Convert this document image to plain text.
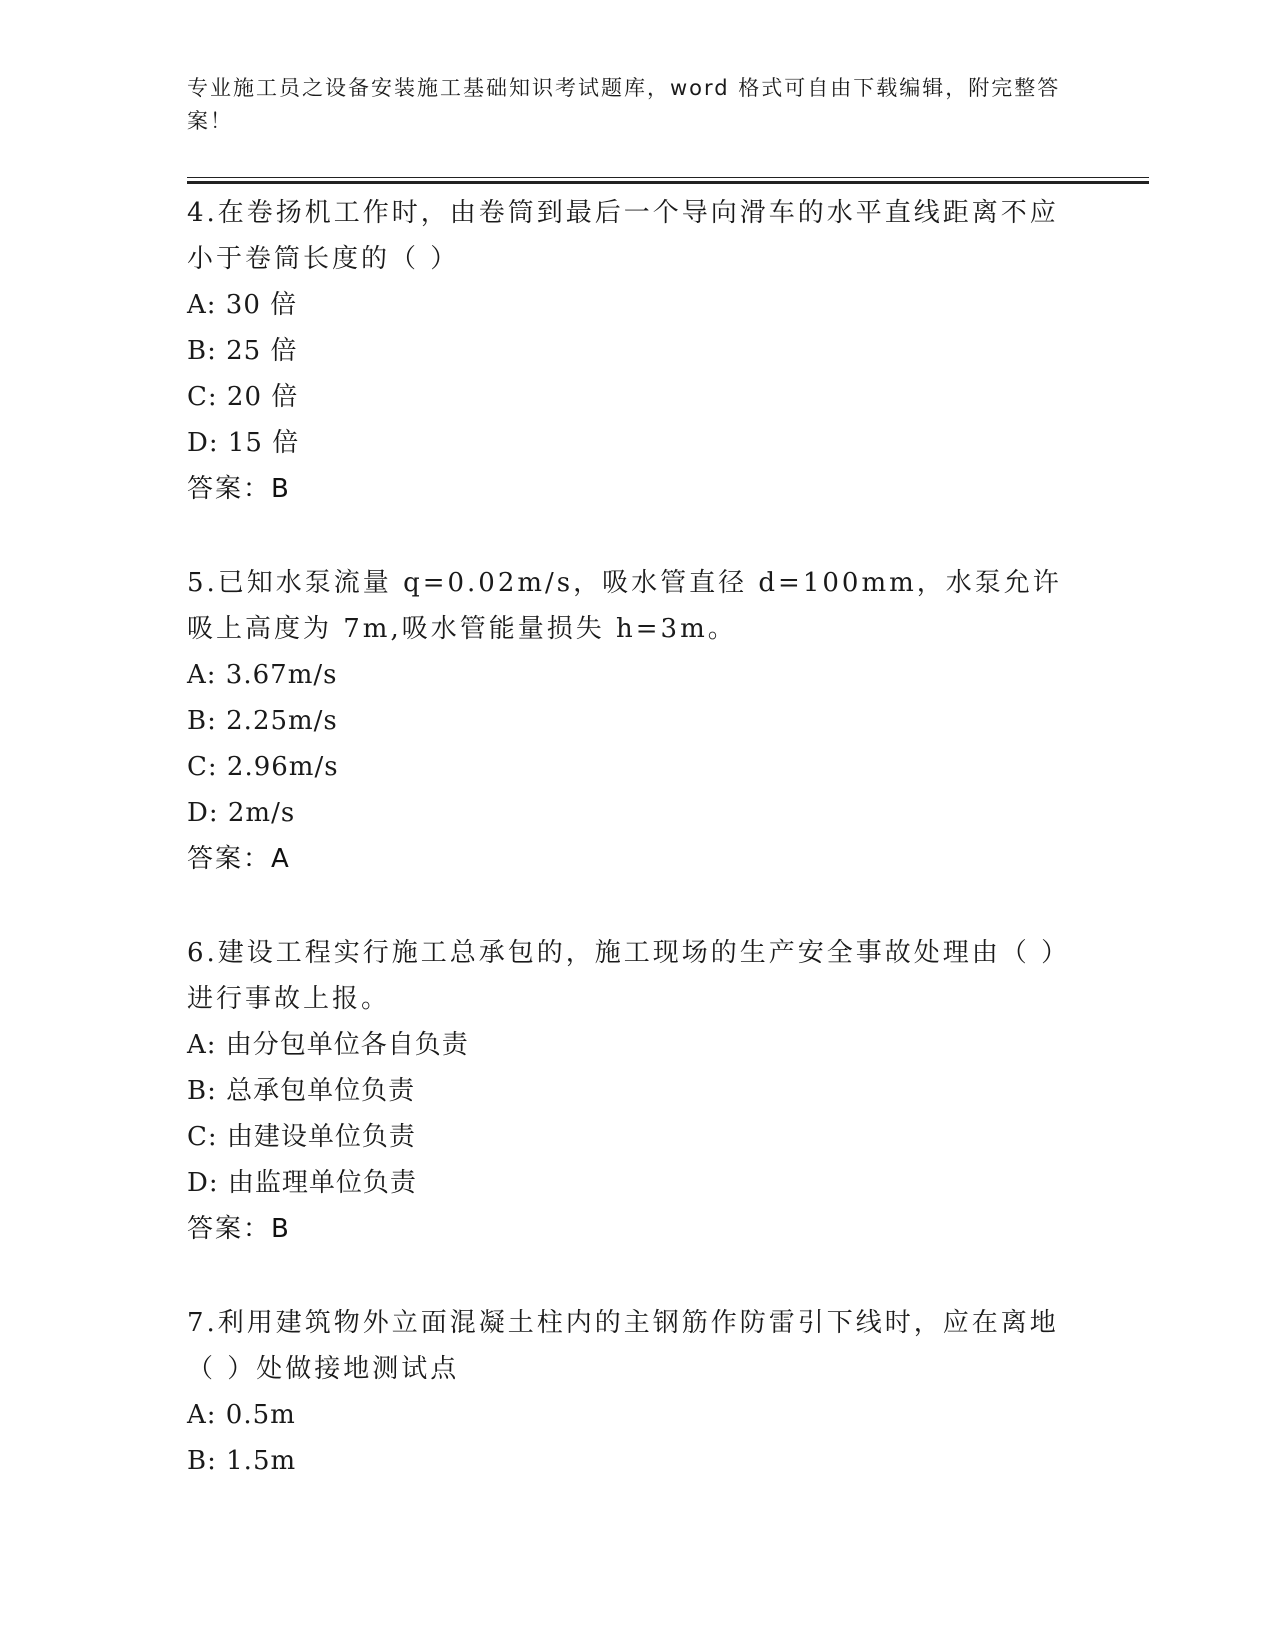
专业施工员之设备安装施工基础知识考试题库，word 格式可自由下载编辑，附完整答案！
4.在卷扬机工作时，由卷筒到最后一个导向滑车的水平直线距离不应小于卷筒长度的（ ）
A: 30 倍
B: 25 倍
C: 20 倍
D: 15 倍
答案：B
5.已知水泵流量 q=0.02m/s，吸水管直径 d=100mm，水泵允许吸上高度为 7m,吸水管能量损失 h=3m。
A: 3.67m/s
B: 2.25m/s
C: 2.96m/s
D: 2m/s
答案：A
6.建设工程实行施工总承包的，施工现场的生产安全事故处理由（ ）进行事故上报。
A: 由分包单位各自负责
B: 总承包单位负责
C: 由建设单位负责
D: 由监理单位负责
答案：B
7.利用建筑物外立面混凝土柱内的主钢筋作防雷引下线时，应在离地（ ）处做接地测试点
A: 0.5m
B: 1.5m
